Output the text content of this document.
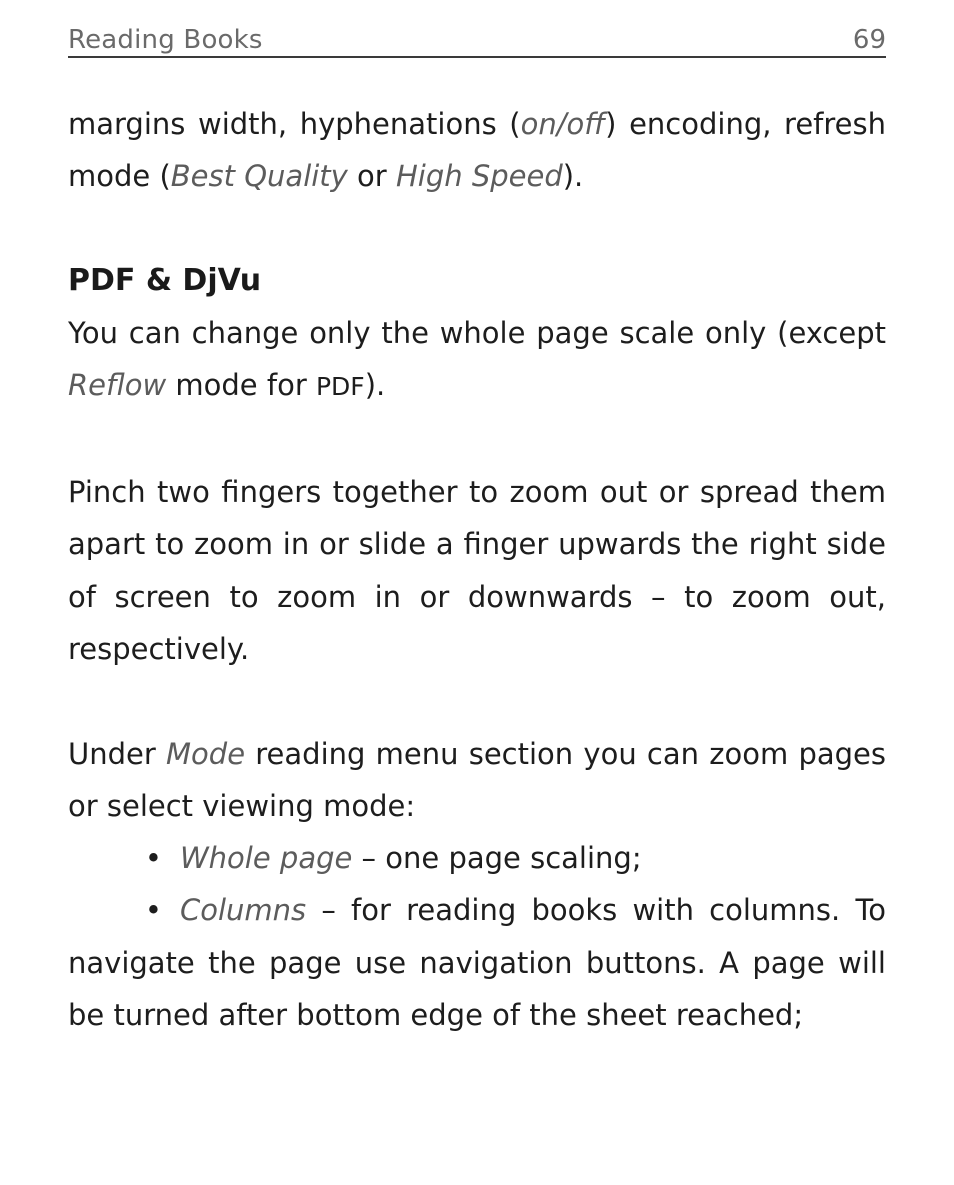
Reading Books	69

margins width, hyphenations (on/off) encoding, refresh mode (Best Quality or High Speed).

PDF & DjVu

You can change only the whole page scale only (except Reflow mode for PDF).

Pinch two fingers together to zoom out or spread them apart to zoom in or slide a finger upwards the right side of screen to zoom in or downwards – to zoom out, respectively.

Under Mode reading menu section you can zoom pages or select viewing mode:

• Whole page – one page scaling;

• Columns – for reading books with columns. To navigate the page use navigation buttons. A page will be turned after bottom edge of the sheet reached;
